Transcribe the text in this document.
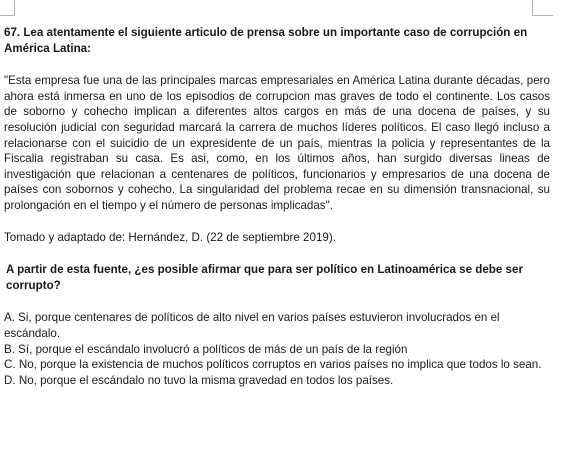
67. Lea atentamente el siguiente articulo de prensa sobre un importante caso de corrupción en América Latina:

"Esta empresa fue una de las principales marcas empresariales en América Latina durante décadas, pero ahora está inmersa en uno de los episodios de corrupcion mas graves de todo el continente. Los casos de soborno y cohecho implican a diferentes altos cargos en más de una docena de países, y su resolución judicial con seguridad marcará la carrera de muchos líderes políticos. El caso llegó incluso a relacionarse con el suicidio de un expresidente de un país, mientras la policia y representantes de la Fiscalia registraban su casa. Es asi, como, en los últimos años, han surgido diversas lineas de investigación que relacionan a centenares de políticos, funcionarios y empresarios de una docena de países con sobornos y cohecho. La singularidad del problema recae en su dimensión transnacional, su prolongación en el tiempo y el número de personas implicadas".

Tomado y adaptado de: Hernández, D. (22 de septiembre 2019).

A partir de esta fuente, ¿es posible afirmar que para ser político en Latinoamérica se debe ser corrupto?

A. Si, porque centenares de políticos de alto nivel en varios países estuvieron involucrados en el escándalo.

B. Sí, porque el escándalo involucró a políticos de más de un país de la región

C. No, porque la existencia de muchos políticos corruptos en varios países no implica que todos lo sean.

D. No, porque el escándalo no tuvo la misma gravedad en todos los países.
